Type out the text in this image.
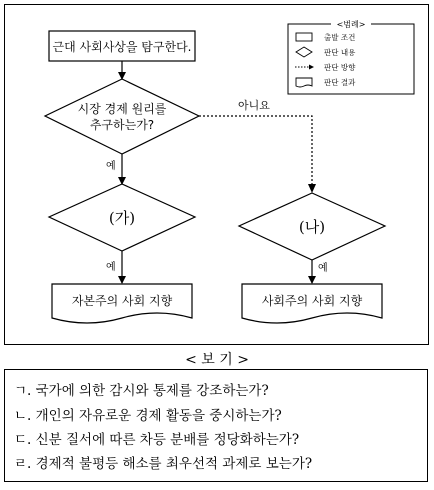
근대 사회사상을 탐구한다.
시장 경제 원리를
추구하는가?
아니요
예
(가)	(나)
예	예
자본주의 사회 지향	사회주의 사회 지향
<범례>
출발 조건
판단 내용
판단 방향
판단 결과
< 보 기 >
ㄱ. 국가에 의한 감시와 통제를 강조하는가?
ㄴ. 개인의 자유로운 경제 활동을 중시하는가?
ㄷ. 신분 질서에 따른 차등 분배를 정당화하는가?
ㄹ. 경제적 불평등 해소를 최우선적 과제로 보는가?
